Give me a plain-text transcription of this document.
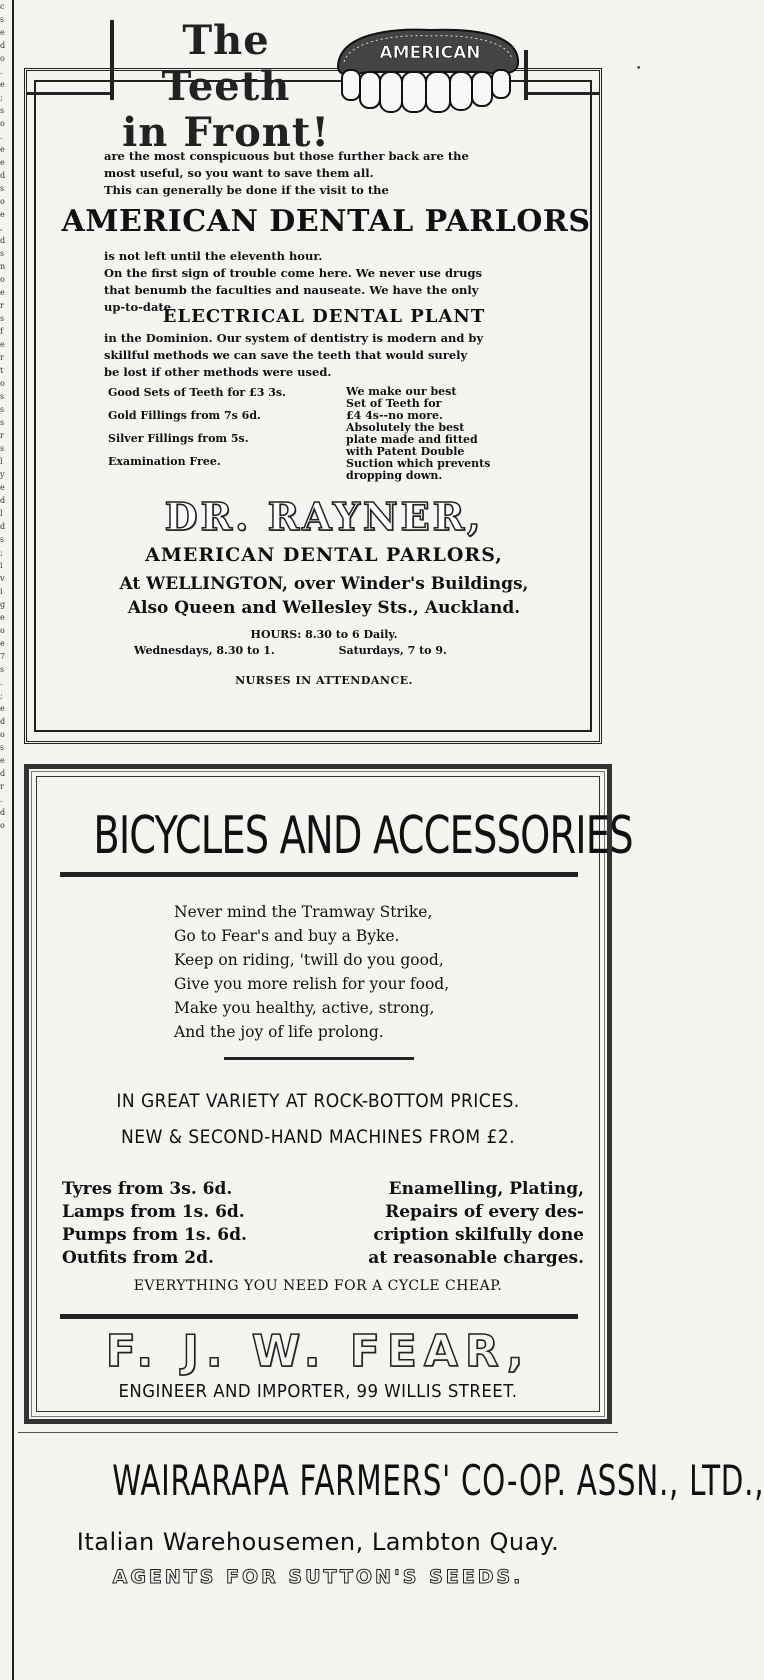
c
s
e
d
o
.
e
;
s
o
.
e
e
d
s
o
e
,
d
s
n
o
e
r
s
f
e
r
t
o
s
s
s
r
s
l
y
e
d
l
d
s
;
i
v
i
g
e
o
e
7
s
.
;
e
d
o
s
e
d
r
.
d
o
•
The Teeth
in Front!
AMERICAN
are the most conspicuous but those further back are the
most useful, so you want to save them all.
This can generally be done if the visit to the
AMERICAN DENTAL PARLORS
is not left until the eleventh hour.
On the first sign of trouble come here. We never use drugs
that benumb the faculties and nauseate. We have the only
up-to-date
ELECTRICAL DENTAL PLANT
in the Dominion. Our system of dentistry is modern and by
skillful methods we can save the teeth that would surely
be lost if other methods were used.
Good Sets of Teeth for £3 3s.
Gold Fillings from 7s 6d.
Silver Fillings from 5s.
Examination Free.
We make our best
Set of Teeth for
£4 4s--no more.
Absolutely the best
plate made and fitted
with Patent Double
Suction which prevents
dropping down.
DR. RAYNER,
AMERICAN DENTAL PARLORS,
At WELLINGTON, over Winder's Buildings,
Also Queen and Wellesley Sts., Auckland.
HOURS: 8.30 to 6 Daily.
Wednesdays, 8.30 to 1.	Saturdays, 7 to 9.
NURSES IN ATTENDANCE.
BICYCLES AND ACCESSORIES
Never mind the Tramway Strike,
Go to Fear's and buy a Byke.
Keep on riding, 'twill do you good,
Give you more relish for your food,
Make you healthy, active, strong,
And the joy of life prolong.
IN GREAT VARIETY AT ROCK-BOTTOM PRICES.
NEW & SECOND-HAND MACHINES FROM £2.
Tyres from 3s. 6d.
Lamps from 1s. 6d.
Pumps from 1s. 6d.
Outfits from 2d.
Enamelling, Plating,
Repairs of every des-
cription skilfully done
at reasonable charges.
EVERYTHING YOU NEED FOR A CYCLE CHEAP.
F. J. W. FEAR,
ENGINEER AND IMPORTER, 99 WILLIS STREET.
WAIRARAPA FARMERS' CO-OP. ASSN., LTD.,
Italian Warehousemen, Lambton Quay.
AGENTS FOR SUTTON'S SEEDS.
